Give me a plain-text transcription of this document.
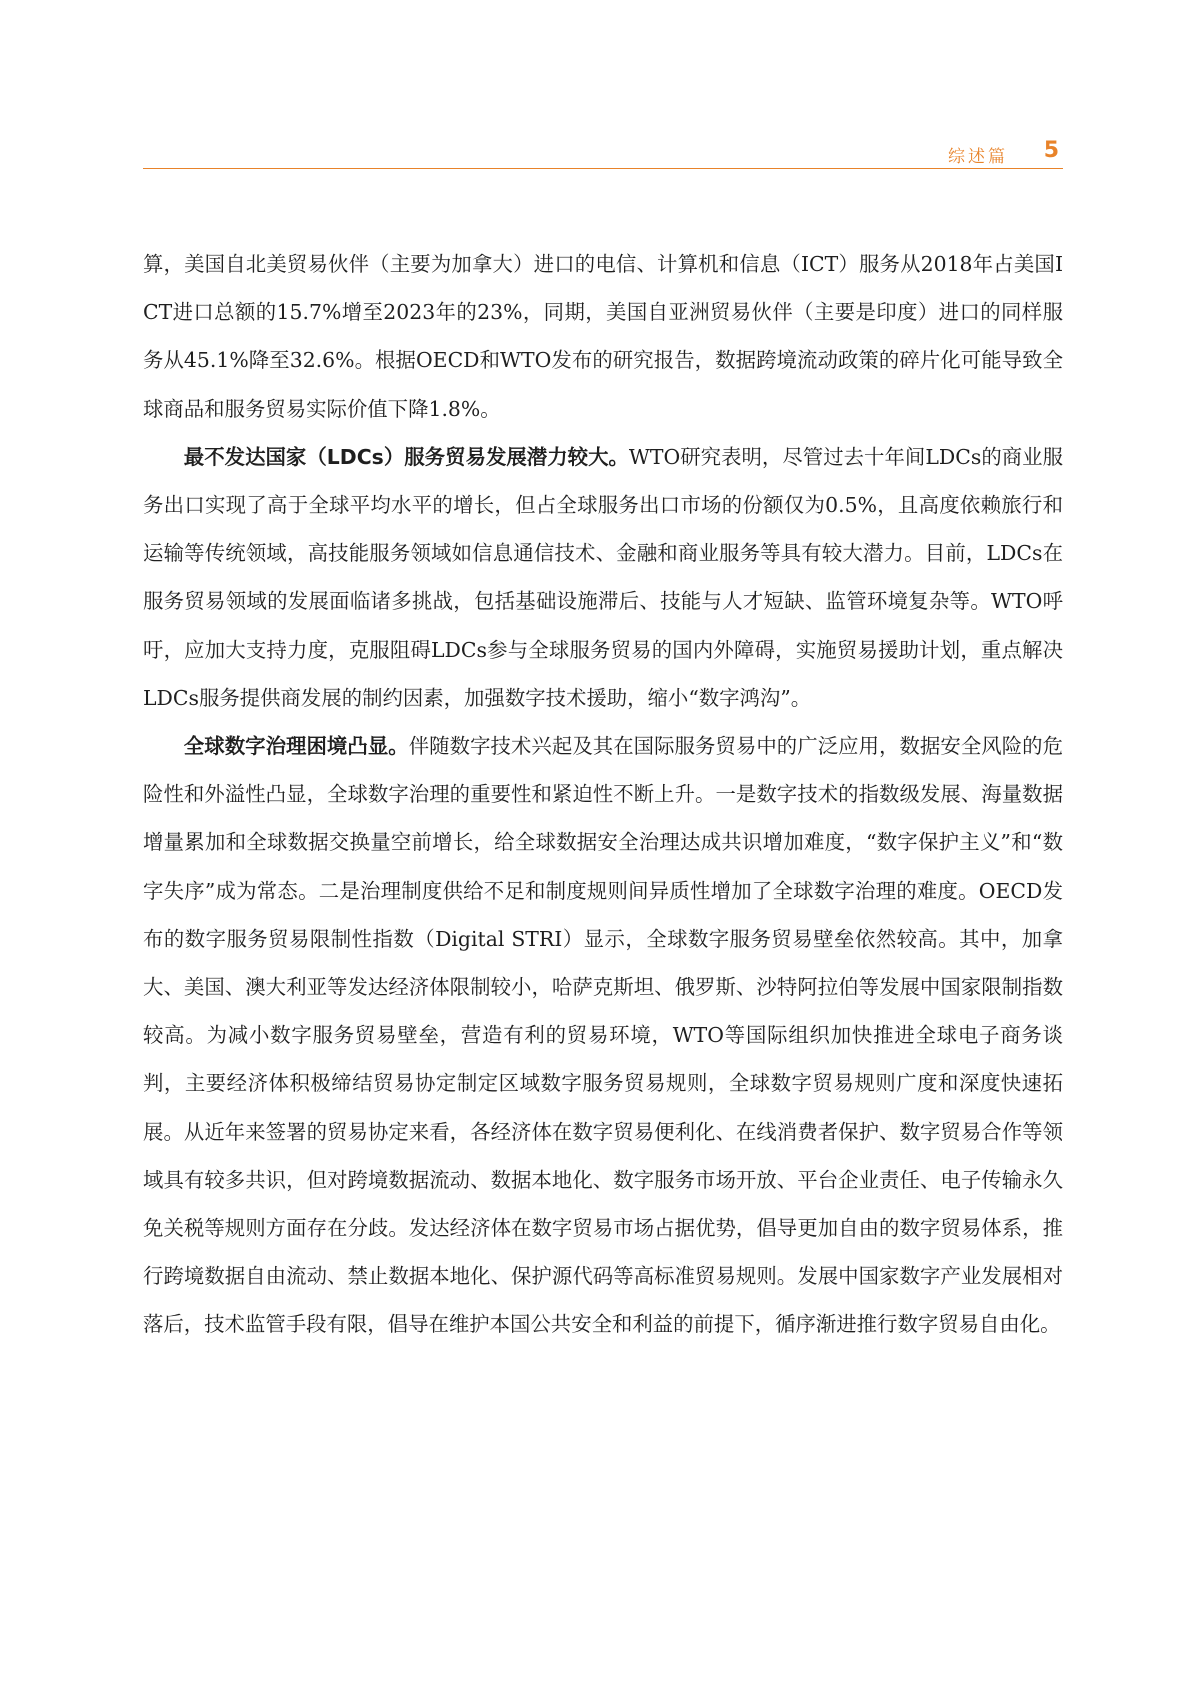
综述篇 5

算，美国自北美贸易伙伴（主要为加拿大）进口的电信、计算机和信息（ICT）服务从2018年占美国ICT进口总额的15.7%增至2023年的23%，同期，美国自亚洲贸易伙伴（主要是印度）进口的同样服务从45.1%降至32.6%。根据OECD和WTO发布的研究报告，数据跨境流动政策的碎片化可能导致全球商品和服务贸易实际价值下降1.8%。

最不发达国家（LDCs）服务贸易发展潜力较大。WTO研究表明，尽管过去十年间LDCs的商业服务出口实现了高于全球平均水平的增长，但占全球服务出口市场的份额仅为0.5%，且高度依赖旅行和运输等传统领域，高技能服务领域如信息通信技术、金融和商业服务等具有较大潜力。目前，LDCs在服务贸易领域的发展面临诸多挑战，包括基础设施滞后、技能与人才短缺、监管环境复杂等。WTO呼吁，应加大支持力度，克服阻碍LDCs参与全球服务贸易的国内外障碍，实施贸易援助计划，重点解决LDCs服务提供商发展的制约因素，加强数字技术援助，缩小“数字鸿沟”。

全球数字治理困境凸显。伴随数字技术兴起及其在国际服务贸易中的广泛应用，数据安全风险的危险性和外溢性凸显，全球数字治理的重要性和紧迫性不断上升。一是数字技术的指数级发展、海量数据增量累加和全球数据交换量空前增长，给全球数据安全治理达成共识增加难度，“数字保护主义”和“数字失序”成为常态。二是治理制度供给不足和制度规则间异质性增加了全球数字治理的难度。OECD发布的数字服务贸易限制性指数（Digital STRI）显示，全球数字服务贸易壁垒依然较高。其中，加拿大、美国、澳大利亚等发达经济体限制较小，哈萨克斯坦、俄罗斯、沙特阿拉伯等发展中国家限制指数较高。为减小数字服务贸易壁垒，营造有利的贸易环境，WTO等国际组织加快推进全球电子商务谈判，主要经济体积极缔结贸易协定制定区域数字服务贸易规则，全球数字贸易规则广度和深度快速拓展。从近年来签署的贸易协定来看，各经济体在数字贸易便利化、在线消费者保护、数字贸易合作等领域具有较多共识，但对跨境数据流动、数据本地化、数字服务市场开放、平台企业责任、电子传输永久免关税等规则方面存在分歧。发达经济体在数字贸易市场占据优势，倡导更加自由的数字贸易体系，推行跨境数据自由流动、禁止数据本地化、保护源代码等高标准贸易规则。发展中国家数字产业发展相对落后，技术监管手段有限，倡导在维护本国公共安全和利益的前提下，循序渐进推行数字贸易自由化。
